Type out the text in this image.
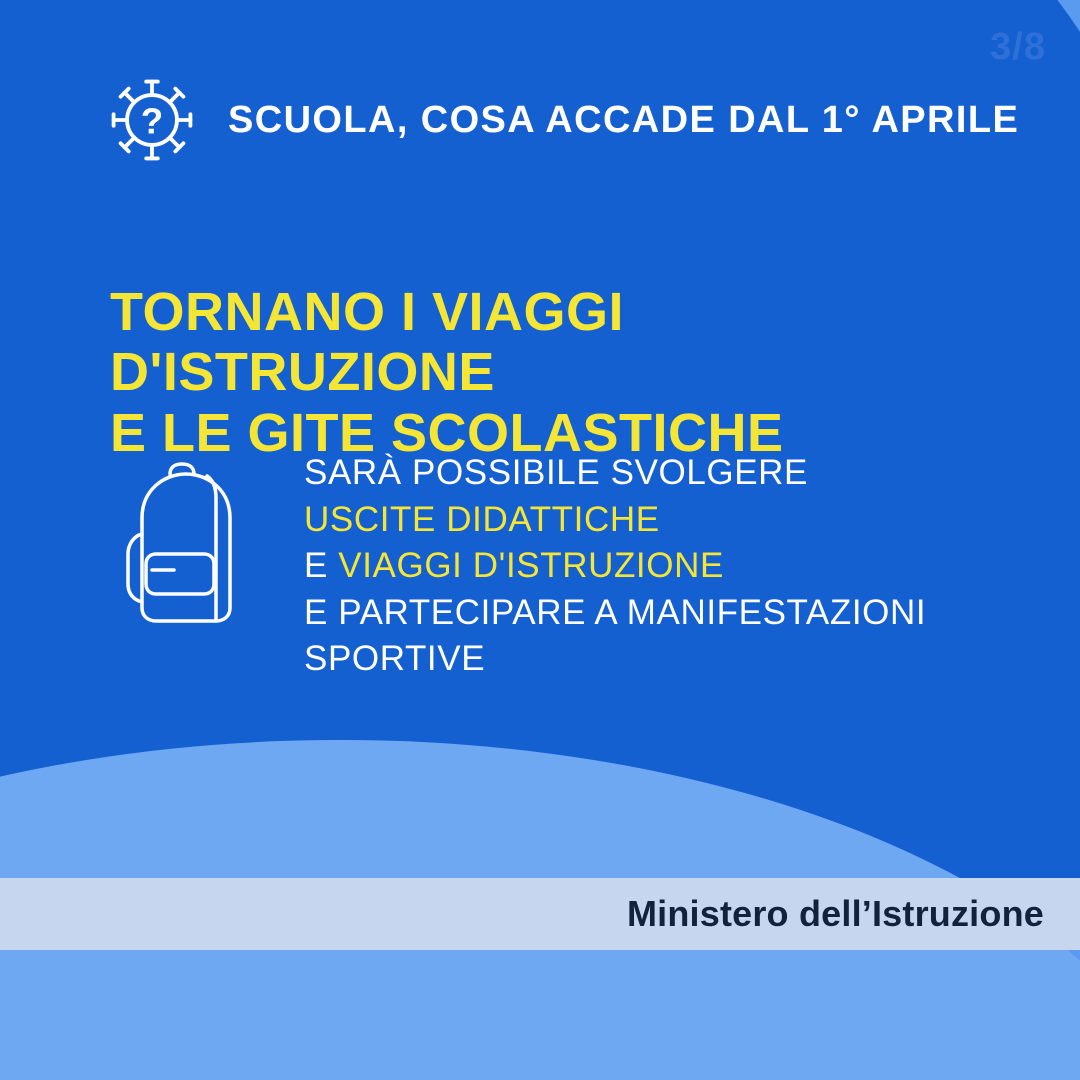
3/8
? SCUOLA, COSA ACCADE DAL 1° APRILE
TORNANO I VIAGGI D'ISTRUZIONE
E LE GITE SCOLASTICHE
SARÀ POSSIBILE SVOLGERE
USCITE DIDATTICHE
E VIAGGI D'ISTRUZIONE
E PARTECIPARE A MANIFESTAZIONI
SPORTIVE
Ministero dell’Istruzione
